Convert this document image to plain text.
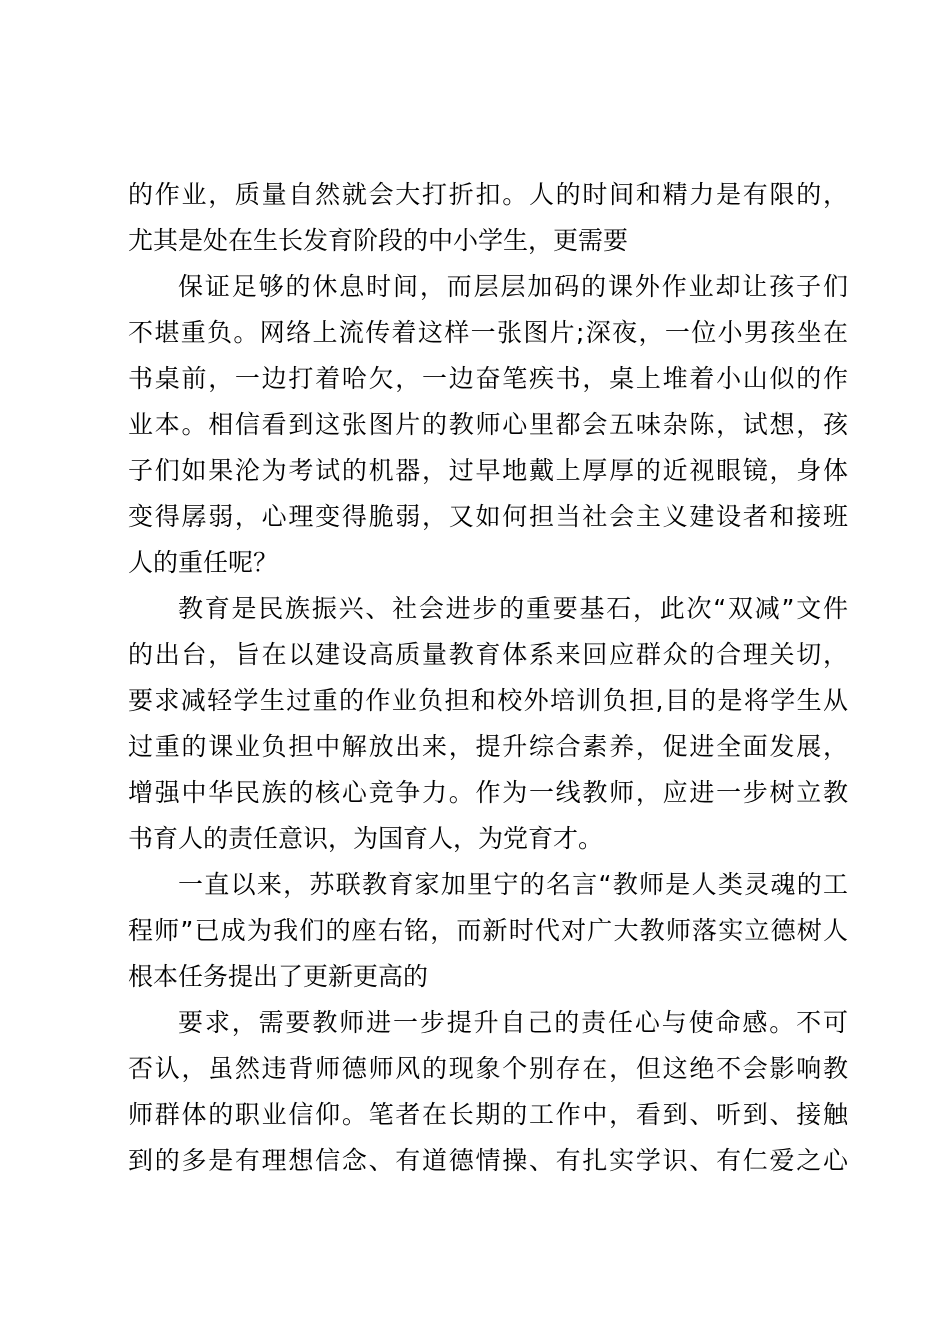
的作业，质量自然就会大打折扣。人的时间和精力是有限的，
尤其是处在生长发育阶段的中小学生，更需要
保证足够的休息时间，而层层加码的课外作业却让孩子们
不堪重负。网络上流传着这样一张图片;深夜，一位小男孩坐在
书桌前，一边打着哈欠，一边奋笔疾书，桌上堆着小山似的作
业本。相信看到这张图片的教师心里都会五味杂陈，试想，孩
子们如果沦为考试的机器，过早地戴上厚厚的近视眼镜，身体
变得孱弱，心理变得脆弱，又如何担当社会主义建设者和接班
人的重任呢？
教育是民族振兴、社会进步的重要基石，此次“双减”文件
的出台，旨在以建设高质量教育体系来回应群众的合理关切，
要求减轻学生过重的作业负担和校外培训负担,目的是将学生从
过重的课业负担中解放出来，提升综合素养，促进全面发展，
增强中华民族的核心竞争力。作为一线教师，应进一步树立教
书育人的责任意识，为国育人，为党育才。
一直以来，苏联教育家加里宁的名言“教师是人类灵魂的工
程师”已成为我们的座右铭，而新时代对广大教师落实立德树人
根本任务提出了更新更高的
要求，需要教师进一步提升自己的责任心与使命感。不可
否认，虽然违背师德师风的现象个别存在，但这绝不会影响教
师群体的职业信仰。笔者在长期的工作中，看到、听到、接触
到的多是有理想信念、有道德情操、有扎实学识、有仁爱之心
